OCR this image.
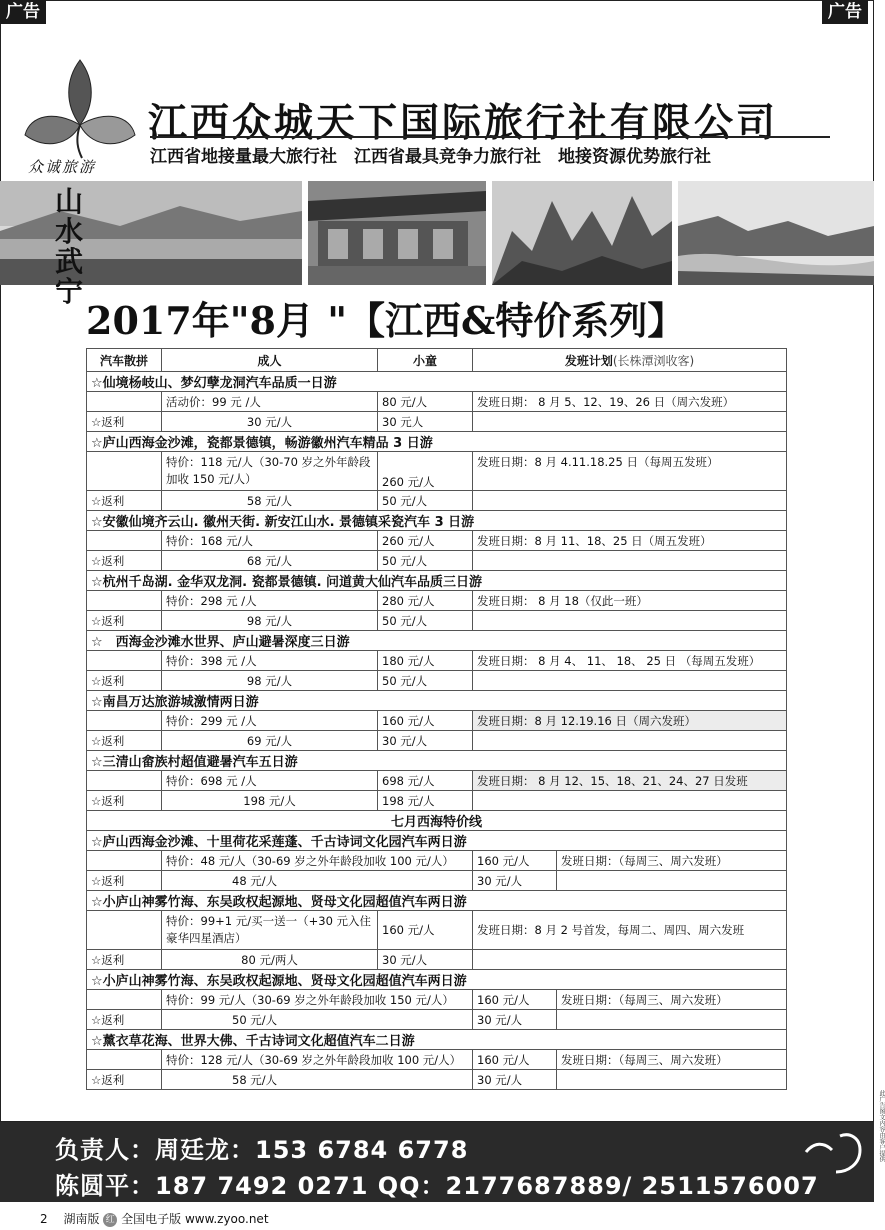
广告	广告
众诚旅游
江西众城天下国际旅行社有限公司
江西省地接量最大旅行社　江西省最具竞争力旅行社　地接资源优势旅行社
山水武宁
2017年"8月 "【江西&特价系列】
汽车散拼	成人	小童	发班计划(长株潭浏收客)	
☆仙境杨岐山、梦幻孽龙洞汽车品质一日游				
	活动价：99 元 /人	80 元/人	发班日期： 8 月 5、12、19、26 日（周六发班）	
☆返利	30 元/人	30 元人		
☆庐山西海金沙滩，瓷都景德镇，畅游徽州汽车精品 3 日游				
	特价：118 元/人（30-70 岁之外年龄段加收 150 元/人）	260 元/人	发班日期：8 月 4.11.18.25 日（每周五发班）	
☆返利	58 元/人	50 元/人		
☆安徽仙境齐云山. 徽州天街. 新安江山水. 景德镇采瓷汽车 3 日游				
	特价：168 元/人	260 元/人	发班日期：8 月 11、18、25 日（周五发班）	
☆返利	68 元/人	50 元/人		
☆杭州千岛湖. 金华双龙洞. 瓷都景德镇. 问道黄大仙汽车品质三日游				
	特价：298 元 /人	280 元/人	发班日期： 8 月 18（仅此一班）	
☆返利	98 元/人	50 元/人		
☆　西海金沙滩水世界、庐山避暑深度三日游				
	特价：398 元 /人	180 元/人	发班日期： 8 月 4、 11、 18、 25 日 （每周五发班）	
☆返利	98 元/人	50 元/人		
☆南昌万达旅游城激情两日游				
	特价：299 元 /人	160 元/人	发班日期：8 月 12.19.16 日（周六发班）	
☆返利	69 元/人	30 元/人		
☆三清山畲族村超值避暑汽车五日游				
	特价：698 元 /人	698 元/人	发班日期： 8 月 12、15、18、21、24、27 日发班	
☆返利	198 元/人	198 元/人		
七月西海特价线				
☆庐山西海金沙滩、十里荷花采莲蓬、千古诗词文化园汽车两日游				
	特价：48 元/人（30-69 岁之外年龄段加收 100 元/人）		160 元/人	发班日期：（每周三、周六发班）
☆返利	48 元/人		30 元/人	
☆小庐山神雾竹海、东吴政权起源地、贤母文化园超值汽车两日游				
	特价：99+1 元/买一送一（+30 元入住豪华四星酒店）	160 元/人	发班日期：8 月 2 号首发，每周二、周四、周六发班	
☆返利	80 元/两人	30 元/人		
☆小庐山神雾竹海、东吴政权起源地、贤母文化园超值汽车两日游				
	特价：99 元/人（30-69 岁之外年龄段加收 150 元/人）		160 元/人	发班日期：（每周三、周六发班）
☆返利	50 元/人		30 元/人	
☆薰衣草花海、世界大佛、千古诗词文化超值汽车二日游				
	特价：128 元/人（30-69 岁之外年龄段加收 100 元/人）		160 元/人	发班日期：（每周三、周六发班）
☆返利	58 元/人		30 元/人	
负责人：周廷龙：153 6784 6778
陈圆平：187 7492 0271 QQ：2177687889/ 2511576007
此广告图文内容由客户提供
2　 湖南版 红 全国电子版 www.zyoo.net
